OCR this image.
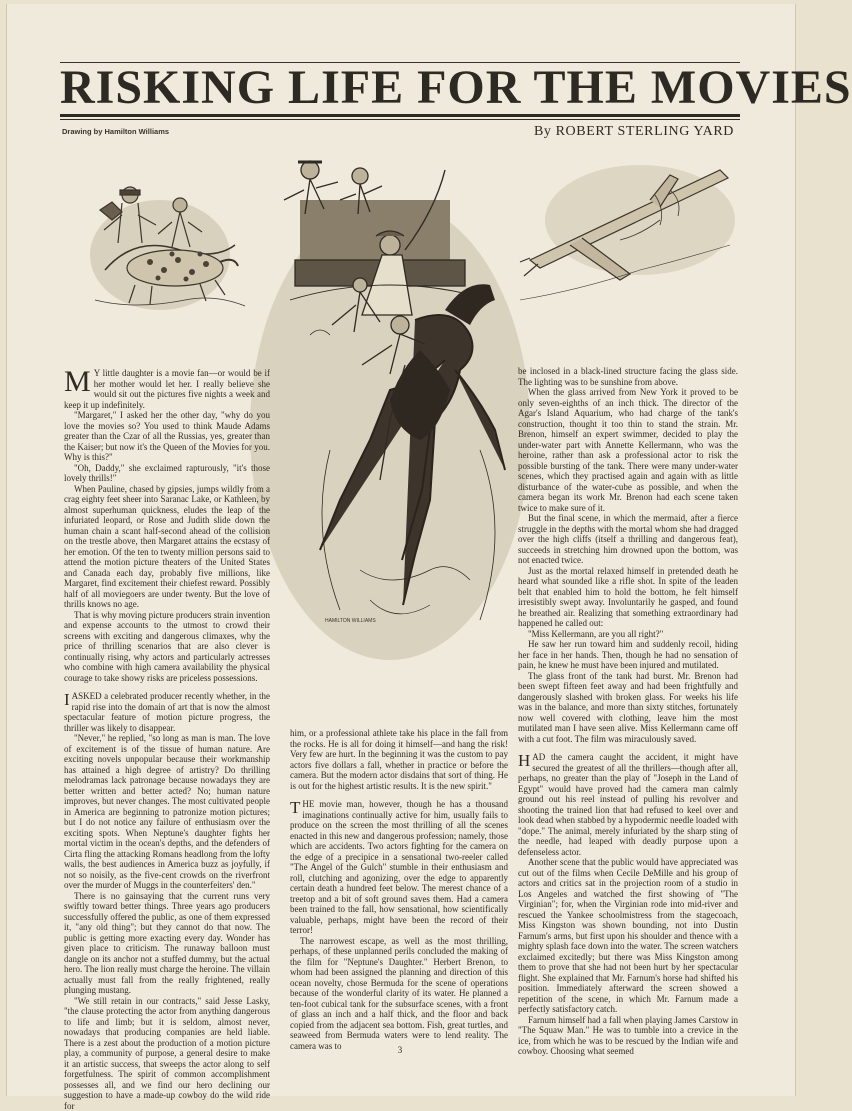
RISKING LIFE FOR THE MOVIES
Drawing by Hamilton Williams	By ROBERT STERLING YARD
HAMILTON WILLIAMS

M Y little daughter is a movie fan—or would be if her mother would let her. I really believe she would sit out the pictures five nights a week and keep it up indefinitely.

"Margaret," I asked her the other day, "why do you love the movies so? You used to think Maude Adams greater than the Czar of all the Russias, yes, greater than the Kaiser; but now it's the Queen of the Movies for you. Why is this?"

"Oh, Daddy," she exclaimed rapturously, "it's those lovely thrills!"

When Pauline, chased by gipsies, jumps wildly from a crag eighty feet sheer into Saranac Lake, or Kathleen, by almost superhuman quickness, eludes the leap of the infuriated leopard, or Rose and Judith slide down the human chain a scant half-second ahead of the collision on the trestle above, then Margaret attains the ecstasy of her emotion. Of the ten to twenty million persons said to attend the motion picture theaters of the United States and Canada each day, probably five millions, like Margaret, find excitement their chiefest reward. Possibly half of all moviegoers are under twenty. But the love of thrills knows no age.

That is why moving picture producers strain invention and expense accounts to the utmost to crowd their screens with exciting and dangerous climaxes, why the price of thrilling scenarios that are also clever is continually rising, why actors and particularly actresses who combine with high camera availability the physical courage to take showy risks are priceless possessions.

IASKED a celebrated producer recently whether, in the rapid rise into the domain of art that is now the almost spectacular feature of motion picture progress, the thriller was likely to disappear.

"Never," he replied, "so long as man is man. The love of excitement is of the tissue of human nature. Are exciting novels unpopular because their workmanship has attained a high degree of artistry? Do thrilling melodramas lack patronage because nowadays they are better written and better acted? No; human nature improves, but never changes. The most cultivated people in America are beginning to patronize motion pictures; but I do not notice any failure of enthusiasm over the exciting spots. When Neptune's daughter fights her mortal victim in the ocean's depths, and the defenders of Cirta fling the attacking Romans headlong from the lofty walls, the best audiences in America buzz as joyfully, if not so noisily, as the five-cent crowds on the riverfront over the murder of Muggs in the counterfeiters' den."

There is no gainsaying that the current runs very swiftly toward better things. Three years ago producers successfully offered the public, as one of them expressed it, "any old thing"; but they cannot do that now. The public is getting more exacting every day. Wonder has given place to criticism. The runaway balloon must dangle on its anchor not a stuffed dummy, but the actual hero. The lion really must charge the heroine. The villain actually must fall from the really frightened, really plunging mustang.

"We still retain in our contracts," said Jesse Lasky, "the clause protecting the actor from anything dangerous to life and limb; but it is seldom, almost never, nowadays that producing companies are held liable. There is a zest about the production of a motion picture play, a community of purpose, a general desire to make it an artistic success, that sweeps the actor along to self forgetfulness. The spirit of common accomplishment possesses all, and we find our hero declining our suggestion to have a made-up cowboy do the wild ride for

him, or a professional athlete take his place in the fall from the rocks. He is all for doing it himself—and hang the risk! Very few are hurt. In the beginning it was the custom to pay actors five dollars a fall, whether in practice or before the camera. But the modern actor disdains that sort of thing. He is out for the highest artistic results. It is the new spirit."

THE movie man, however, though he has a thousand imaginations continually active for him, usually fails to produce on the screen the most thrilling of all the scenes enacted in this new and dangerous profession; namely, those which are accidents. Two actors fighting for the camera on the edge of a precipice in a sensational two-reeler called "The Angel of the Gulch" stumble in their enthusiasm and roll, clutching and agonizing, over the edge to apparently certain death a hundred feet below. The merest chance of a treetop and a bit of soft ground saves them. Had a camera been trained to the fall, how sensational, how scientifically valuable, perhaps, might have been the record of their terror!

The narrowest escape, as well as the most thrilling, perhaps, of these unplanned perils concluded the making of the film for "Neptune's Daughter." Herbert Brenon, to whom had been assigned the planning and direction of this ocean novelty, chose Bermuda for the scene of operations because of the wonderful clarity of its water. He planned a ten-foot cubical tank for the subsurface scenes, with a front of glass an inch and a half thick, and the floor and back copied from the adjacent sea bottom. Fish, great turtles, and seaweed from Bermuda waters were to lend reality. The camera was to

be inclosed in a black-lined structure facing the glass side. The lighting was to be sunshine from above.

When the glass arrived from New York it proved to be only seven-eighths of an inch thick. The director of the Agar's Island Aquarium, who had charge of the tank's construction, thought it too thin to stand the strain. Mr. Brenon, himself an expert swimmer, decided to play the under-water part with Annette Kellermann, who was the heroine, rather than ask a professional actor to risk the possible bursting of the tank. There were many under-water scenes, which they practised again and again with as little disturbance of the water-cube as possible, and when the camera began its work Mr. Brenon had each scene taken twice to make sure of it.

But the final scene, in which the mermaid, after a fierce struggle in the depths with the mortal whom she had dragged over the high cliffs (itself a thrilling and dangerous feat), succeeds in stretching him drowned upon the bottom, was not enacted twice.

Just as the mortal relaxed himself in pretended death he heard what sounded like a rifle shot. In spite of the leaden belt that enabled him to hold the bottom, he felt himself irresistibly swept away. Involuntarily he gasped, and found he breathed air. Realizing that something extraordinary had happened he called out:

"Miss Kellermann, are you all right?"

He saw her run toward him and suddenly recoil, hiding her face in her hands. Then, though he had no sensation of pain, he knew he must have been injured and mutilated.

The glass front of the tank had burst. Mr. Brenon had been swept fifteen feet away and had been frightfully and dangerously slashed with broken glass. For weeks his life was in the balance, and more than sixty stitches, fortunately now well covered with clothing, leave him the most mutilated man I have seen alive. Miss Kellermann came off with a cut foot. The film was miraculously saved.

HAD the camera caught the accident, it might have secured the greatest of all the thrillers—though after all, perhaps, no greater than the play of "Joseph in the Land of Egypt" would have proved had the camera man calmly ground out his reel instead of pulling his revolver and shooting the trained lion that had refused to keel over and look dead when stabbed by a hypodermic needle loaded with "dope." The animal, merely infuriated by the sharp sting of the needle, had leaped with deadly purpose upon a defenseless actor.

Another scene that the public would have appreciated was cut out of the films when Cecile DeMille and his group of actors and critics sat in the projection room of a studio in Los Angeles and watched the first showing of "The Virginian"; for, when the Virginian rode into mid-river and rescued the Yankee schoolmistress from the stagecoach, Miss Kingston was shown bounding, not into Dustin Farnum's arms, but first upon his shoulder and thence with a mighty splash face down into the water. The screen watchers exclaimed excitedly; but there was Miss Kingston among them to prove that she had not been hurt by her spectacular flight. She explained that Mr. Farnum's horse had shifted his position. Immediately afterward the screen showed a repetition of the scene, in which Mr. Farnum made a perfectly satisfactory catch.

Farnum himself had a fall when playing James Carstow in "The Squaw Man." He was to tumble into a crevice in the ice, from which he was to be rescued by the Indian wife and cowboy. Choosing what seemed

3
